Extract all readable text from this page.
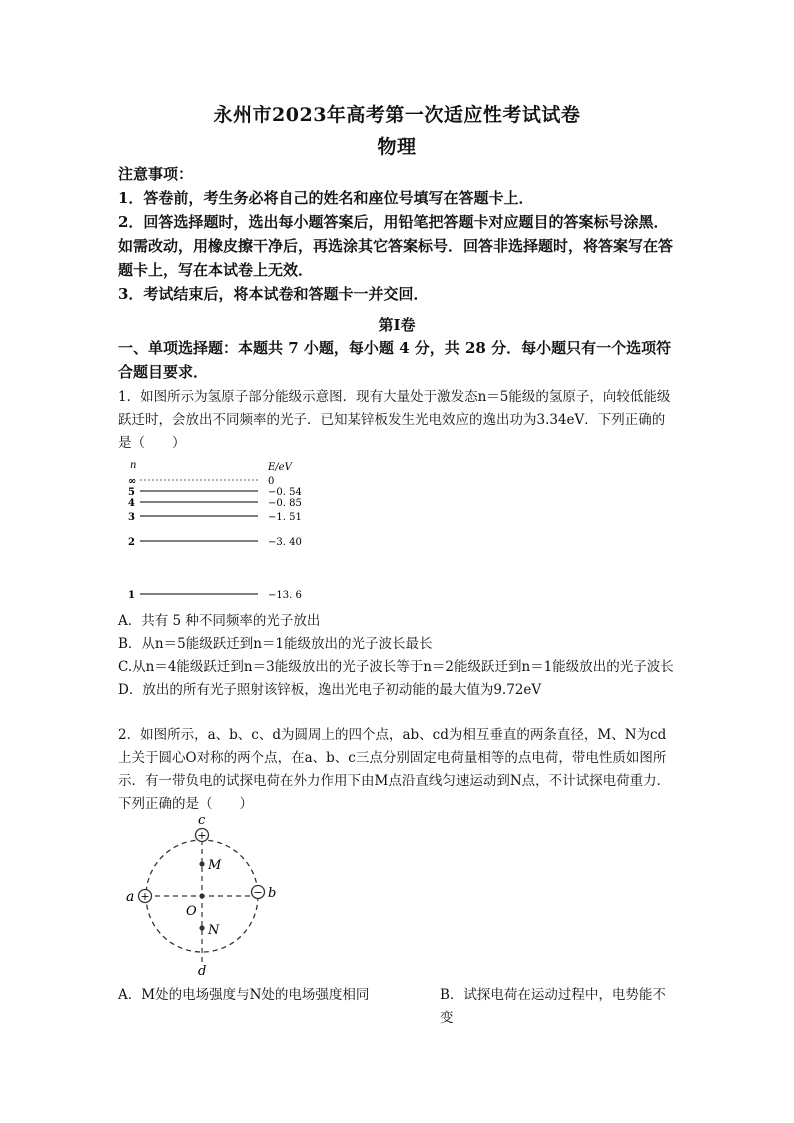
永州市2023年高考第一次适应性考试试卷
物理

注意事项：

1．答卷前，考生务必将自己的姓名和座位号填写在答题卡上．

2．回答选择题时，选出每小题答案后，用铅笔把答题卡对应题目的答案标号涂黑．如需改动，用橡皮擦干净后，再选涂其它答案标号．回答非选择题时，将答案写在答题卡上，写在本试卷上无效．

3．考试结束后，将本试卷和答题卡一并交回．

第Ⅰ卷
一、单项选择题：本题共 7 小题，每小题 4 分，共 28 分．每小题只有一个选项符合题目要求．
1．如图所示为氢原子部分能级示意图．现有大量处于激发态n＝5能级的氢原子，向较低能级跃迁时，会放出不同频率的光子．已知某锌板发生光电效应的逸出功为3.34eV．下列正确的是（　　）
n	E/eV
∞	0
5	−0. 54
4	−0. 85
3	−1. 51
2	−3. 40
1	−13. 6

A．共有 5 种不同频率的光子放出

B．从n＝5能级跃迁到n＝1能级放出的光子波长最长

C.从n＝4能级跃迁到n＝3能级放出的光子波长等于n＝2能级跃迁到n＝1能级放出的光子波长

D．放出的所有光子照射该锌板，逸出光电子初动能的最大值为9.72eV

2．如图所示，a、b、c、d为圆周上的四个点，ab、cd为相互垂直的两条直径，M、N为cd上关于圆心O对称的两个点，在a、b、c三点分别固定电荷量相等的点电荷，带电性质如图所示．有一带负电的试探电荷在外力作用下由M点沿直线匀速运动到N点，不计试探电荷重力．下列正确的是（　　）
+
+	−
c
a	b
d
M
O
N
A．M处的电场强度与N处的电场强度相同	B．试探电荷在运动过程中，电势能不变
